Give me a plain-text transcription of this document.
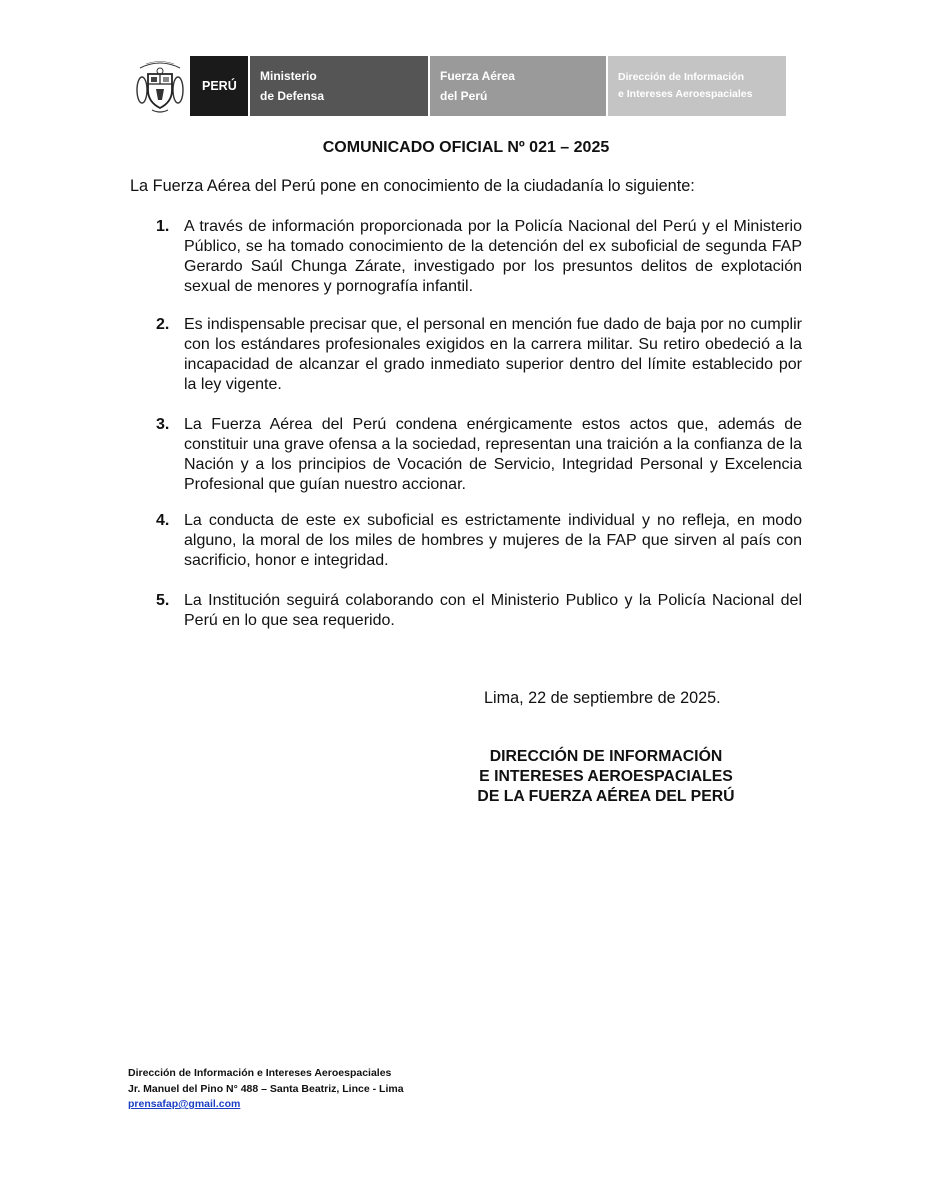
PERÚ
Ministerio
de Defensa
Fuerza Aérea
del Perú
Dirección de Información
e Intereses Aeroespaciales
COMUNICADO OFICIAL Nº 021 – 2025
La Fuerza Aérea del Perú pone en conocimiento de la ciudadanía lo siguiente:
1. A través de información proporcionada por la Policía Nacional del Perú y el Ministerio Público, se ha tomado conocimiento de la detención del ex suboficial de segunda FAP Gerardo Saúl Chunga Zárate, investigado por los presuntos delitos de explotación sexual de menores y pornografía infantil.
2. Es indispensable precisar que, el personal en mención fue dado de baja por no cumplir con los estándares profesionales exigidos en la carrera militar. Su retiro obedeció a la incapacidad de alcanzar el grado inmediato superior dentro del límite establecido por la ley vigente.
3. La Fuerza Aérea del Perú condena enérgicamente estos actos que, además de constituir una grave ofensa a la sociedad, representan una traición a la confianza de la Nación y a los principios de Vocación de Servicio, Integridad Personal y Excelencia Profesional que guían nuestro accionar.
4. La conducta de este ex suboficial es estrictamente individual y no refleja, en modo alguno, la moral de los miles de hombres y mujeres de la FAP que sirven al país con sacrificio, honor e integridad.
5. La Institución seguirá colaborando con el Ministerio Publico y la Policía Nacional del Perú en lo que sea requerido.
Lima, 22 de septiembre de 2025.
DIRECCIÓN DE INFORMACIÓN
E INTERESES AEROESPACIALES
DE LA FUERZA AÉREA DEL PERÚ
Dirección de Información e Intereses Aeroespaciales
Jr. Manuel del Pino N° 488 – Santa Beatriz, Lince - Lima
prensafap@gmail.com
